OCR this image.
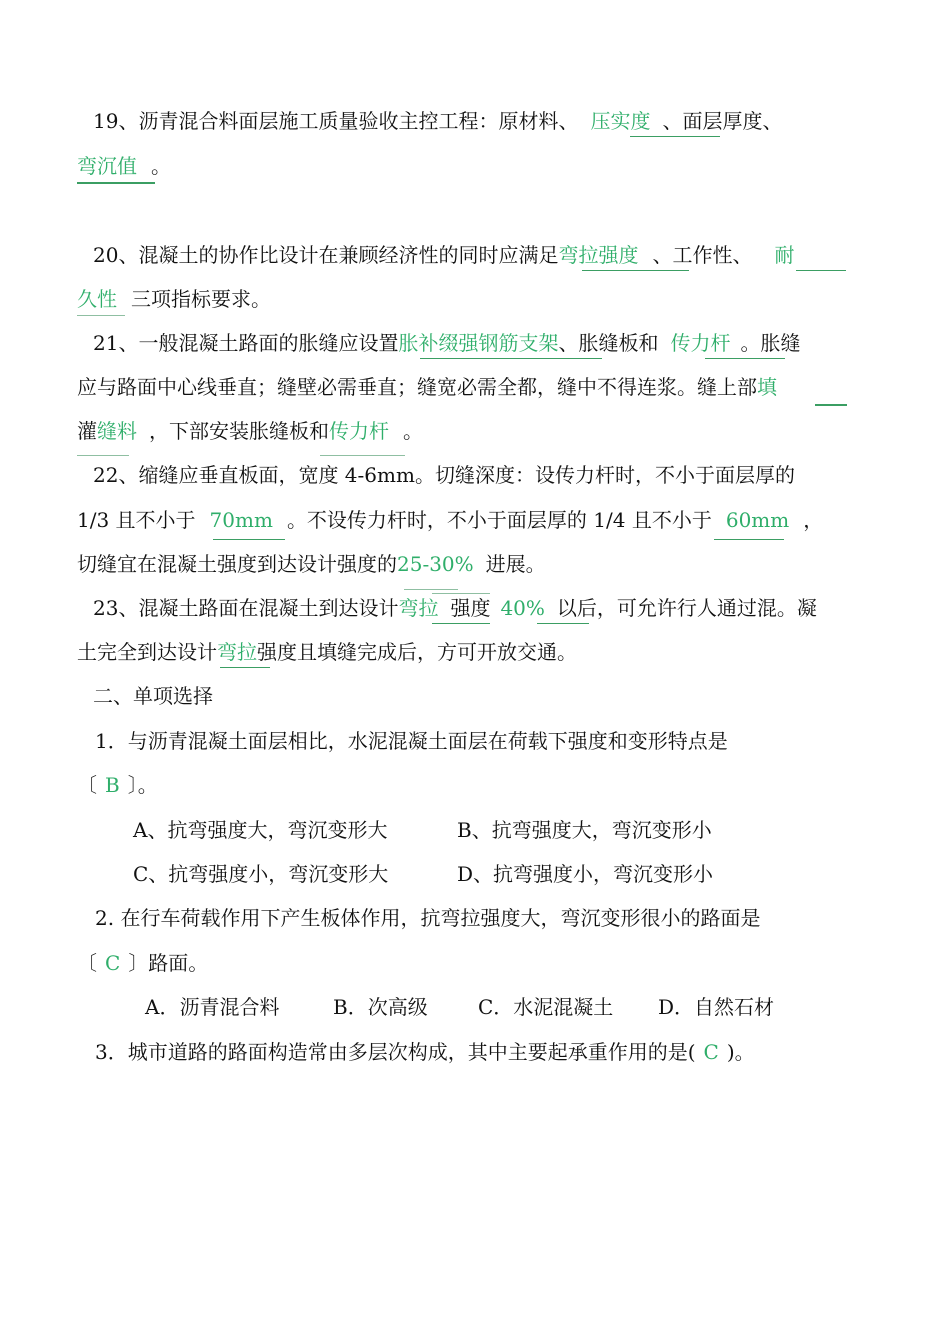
19、沥青混合料面层施工质量验收主控工程：原材料、 压实度 、面层厚度、
弯沉值 。
20、混凝土的协作比设计在兼顾经济性的同时应满足弯拉强度 、工作性、 耐
久性 三项指标要求。
21、一般混凝土路面的胀缝应设置胀补缀强钢筋支架、胀缝板和 传力杆 。胀缝
应与路面中心线垂直；缝壁必需垂直；缝宽必需全都，缝中不得连浆。缝上部填
灌缝料 ，下部安装胀缝板和传力杆 。
22、缩缝应垂直板面，宽度 4-6mm。切缝深度：设传力杆时，不小于面层厚的
1/3 且不小于 70mm 。不设传力杆时，不小于面层厚的 1/4 且不小于 60mm ，
切缝宜在混凝土强度到达设计强度的25-30% 进展。
23、混凝土路面在混凝土到达设计弯拉 强度 40% 以后，可允许行人通过混。凝
土完全到达设计弯拉强度且填缝完成后，方可开放交通。
二、单项选择
1．与沥青混凝土面层相比，水泥混凝土面层在荷载下强度和变形特点是
〔 B 〕。
A、抗弯强度大，弯沉变形大	B、抗弯强度大，弯沉变形小
C、抗弯强度小，弯沉变形大	D、抗弯强度小，弯沉变形小
2. 在行车荷载作用下产生板体作用，抗弯拉强度大，弯沉变形很小的路面是
〔 C 〕路面。
A．沥青混合料	B．次高级	C．水泥混凝土 D．自然石材
3．城市道路的路面构造常由多层次构成，其中主要起承重作用的是( C )。
